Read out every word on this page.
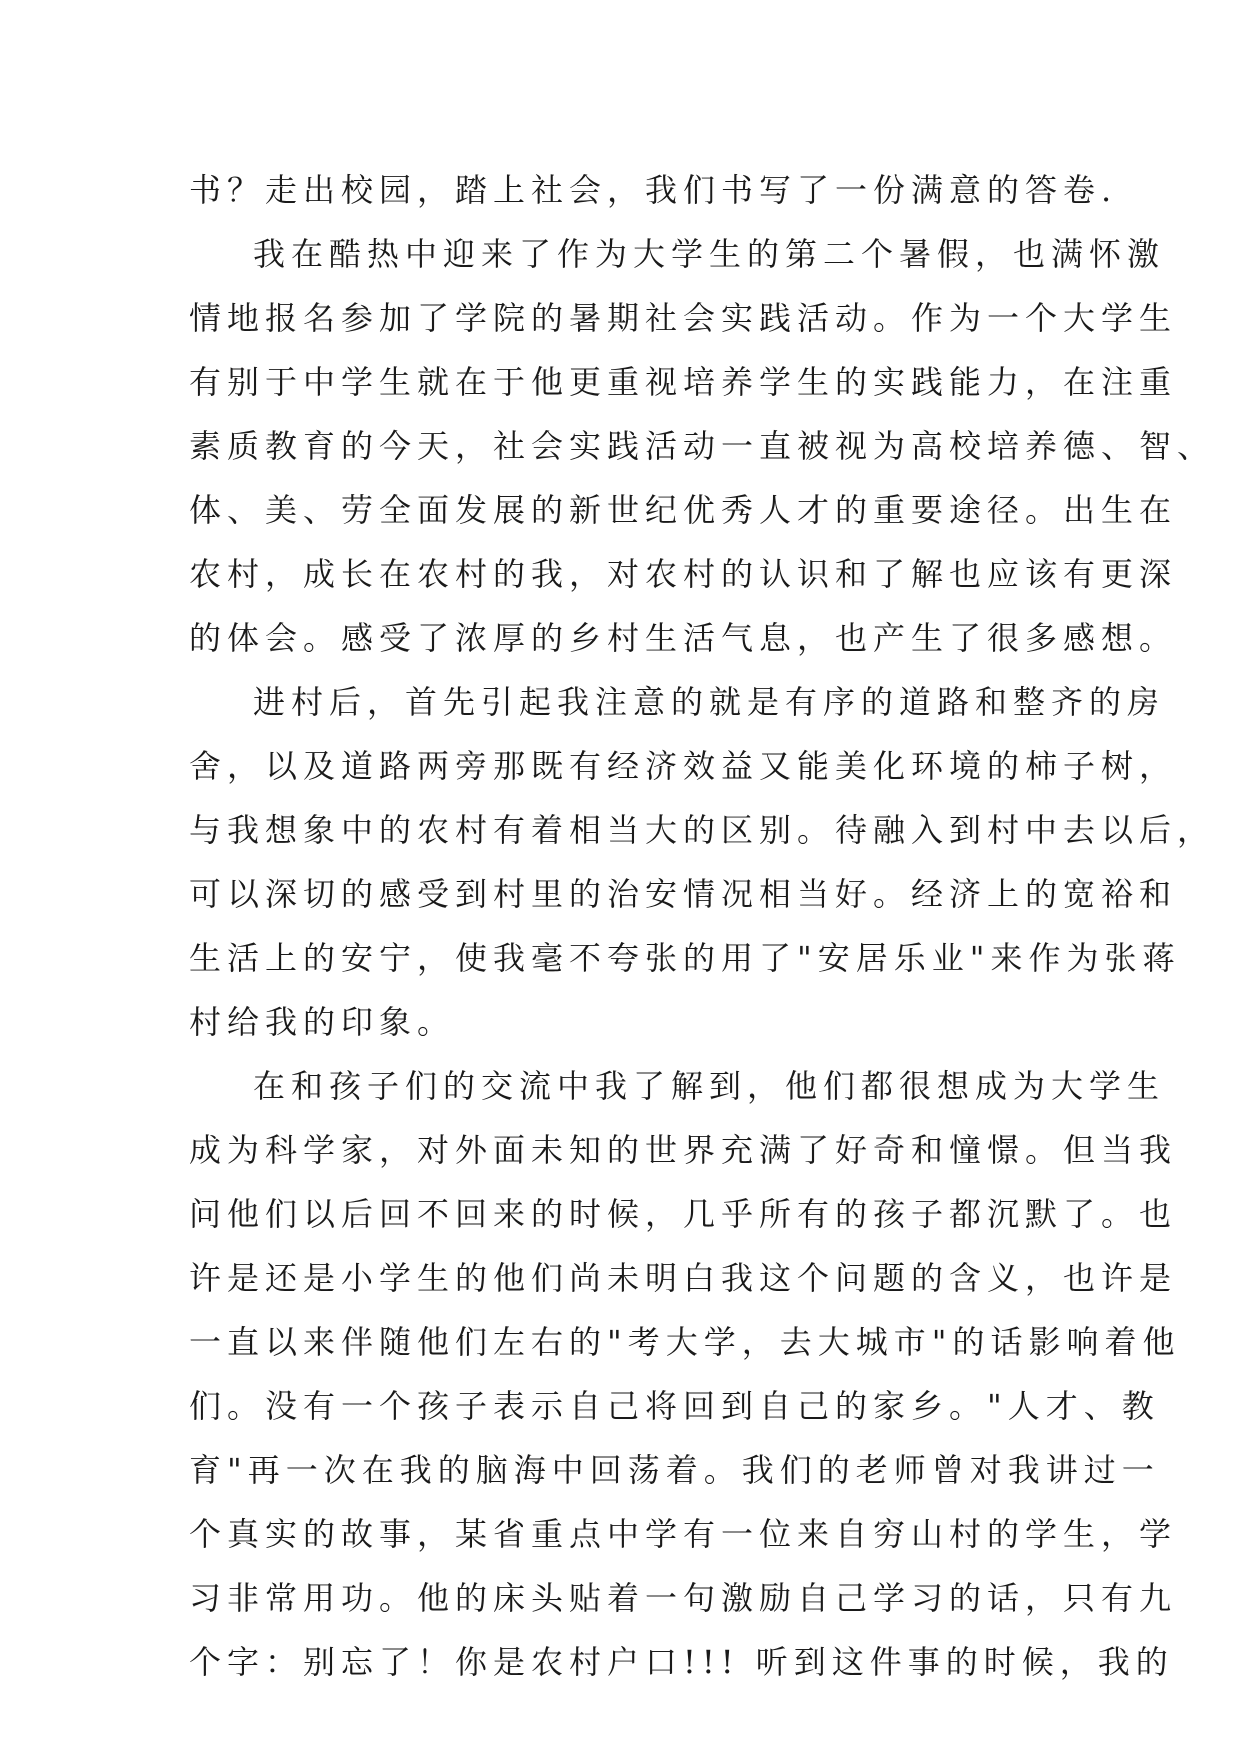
书？走出校园，踏上社会，我们书写了一份满意的答卷.
我在酷热中迎来了作为大学生的第二个暑假，也满怀激
情地报名参加了学院的暑期社会实践活动。作为一个大学生
有别于中学生就在于他更重视培养学生的实践能力，在注重
素质教育的今天，社会实践活动一直被视为高校培养德、智、
体、美、劳全面发展的新世纪优秀人才的重要途径。出生在
农村，成长在农村的我，对农村的认识和了解也应该有更深
的体会。感受了浓厚的乡村生活气息，也产生了很多感想。
进村后，首先引起我注意的就是有序的道路和整齐的房
舍，以及道路两旁那既有经济效益又能美化环境的柿子树，
与我想象中的农村有着相当大的区别。待融入到村中去以后，
可以深切的感受到村里的治安情况相当好。经济上的宽裕和
生活上的安宁，使我毫不夸张的用了"安居乐业"来作为张蒋
村给我的印象。
在和孩子们的交流中我了解到，他们都很想成为大学生
成为科学家，对外面未知的世界充满了好奇和憧憬。但当我
问他们以后回不回来的时候，几乎所有的孩子都沉默了。也
许是还是小学生的他们尚未明白我这个问题的含义，也许是
一直以来伴随他们左右的"考大学，去大城市"的话影响着他
们。没有一个孩子表示自己将回到自己的家乡。"人才、教
育"再一次在我的脑海中回荡着。我们的老师曾对我讲过一
个真实的故事，某省重点中学有一位来自穷山村的学生，学
习非常用功。他的床头贴着一句激励自己学习的话，只有九
个字：别忘了！你是农村户口!!! 听到这件事的时候，我的
